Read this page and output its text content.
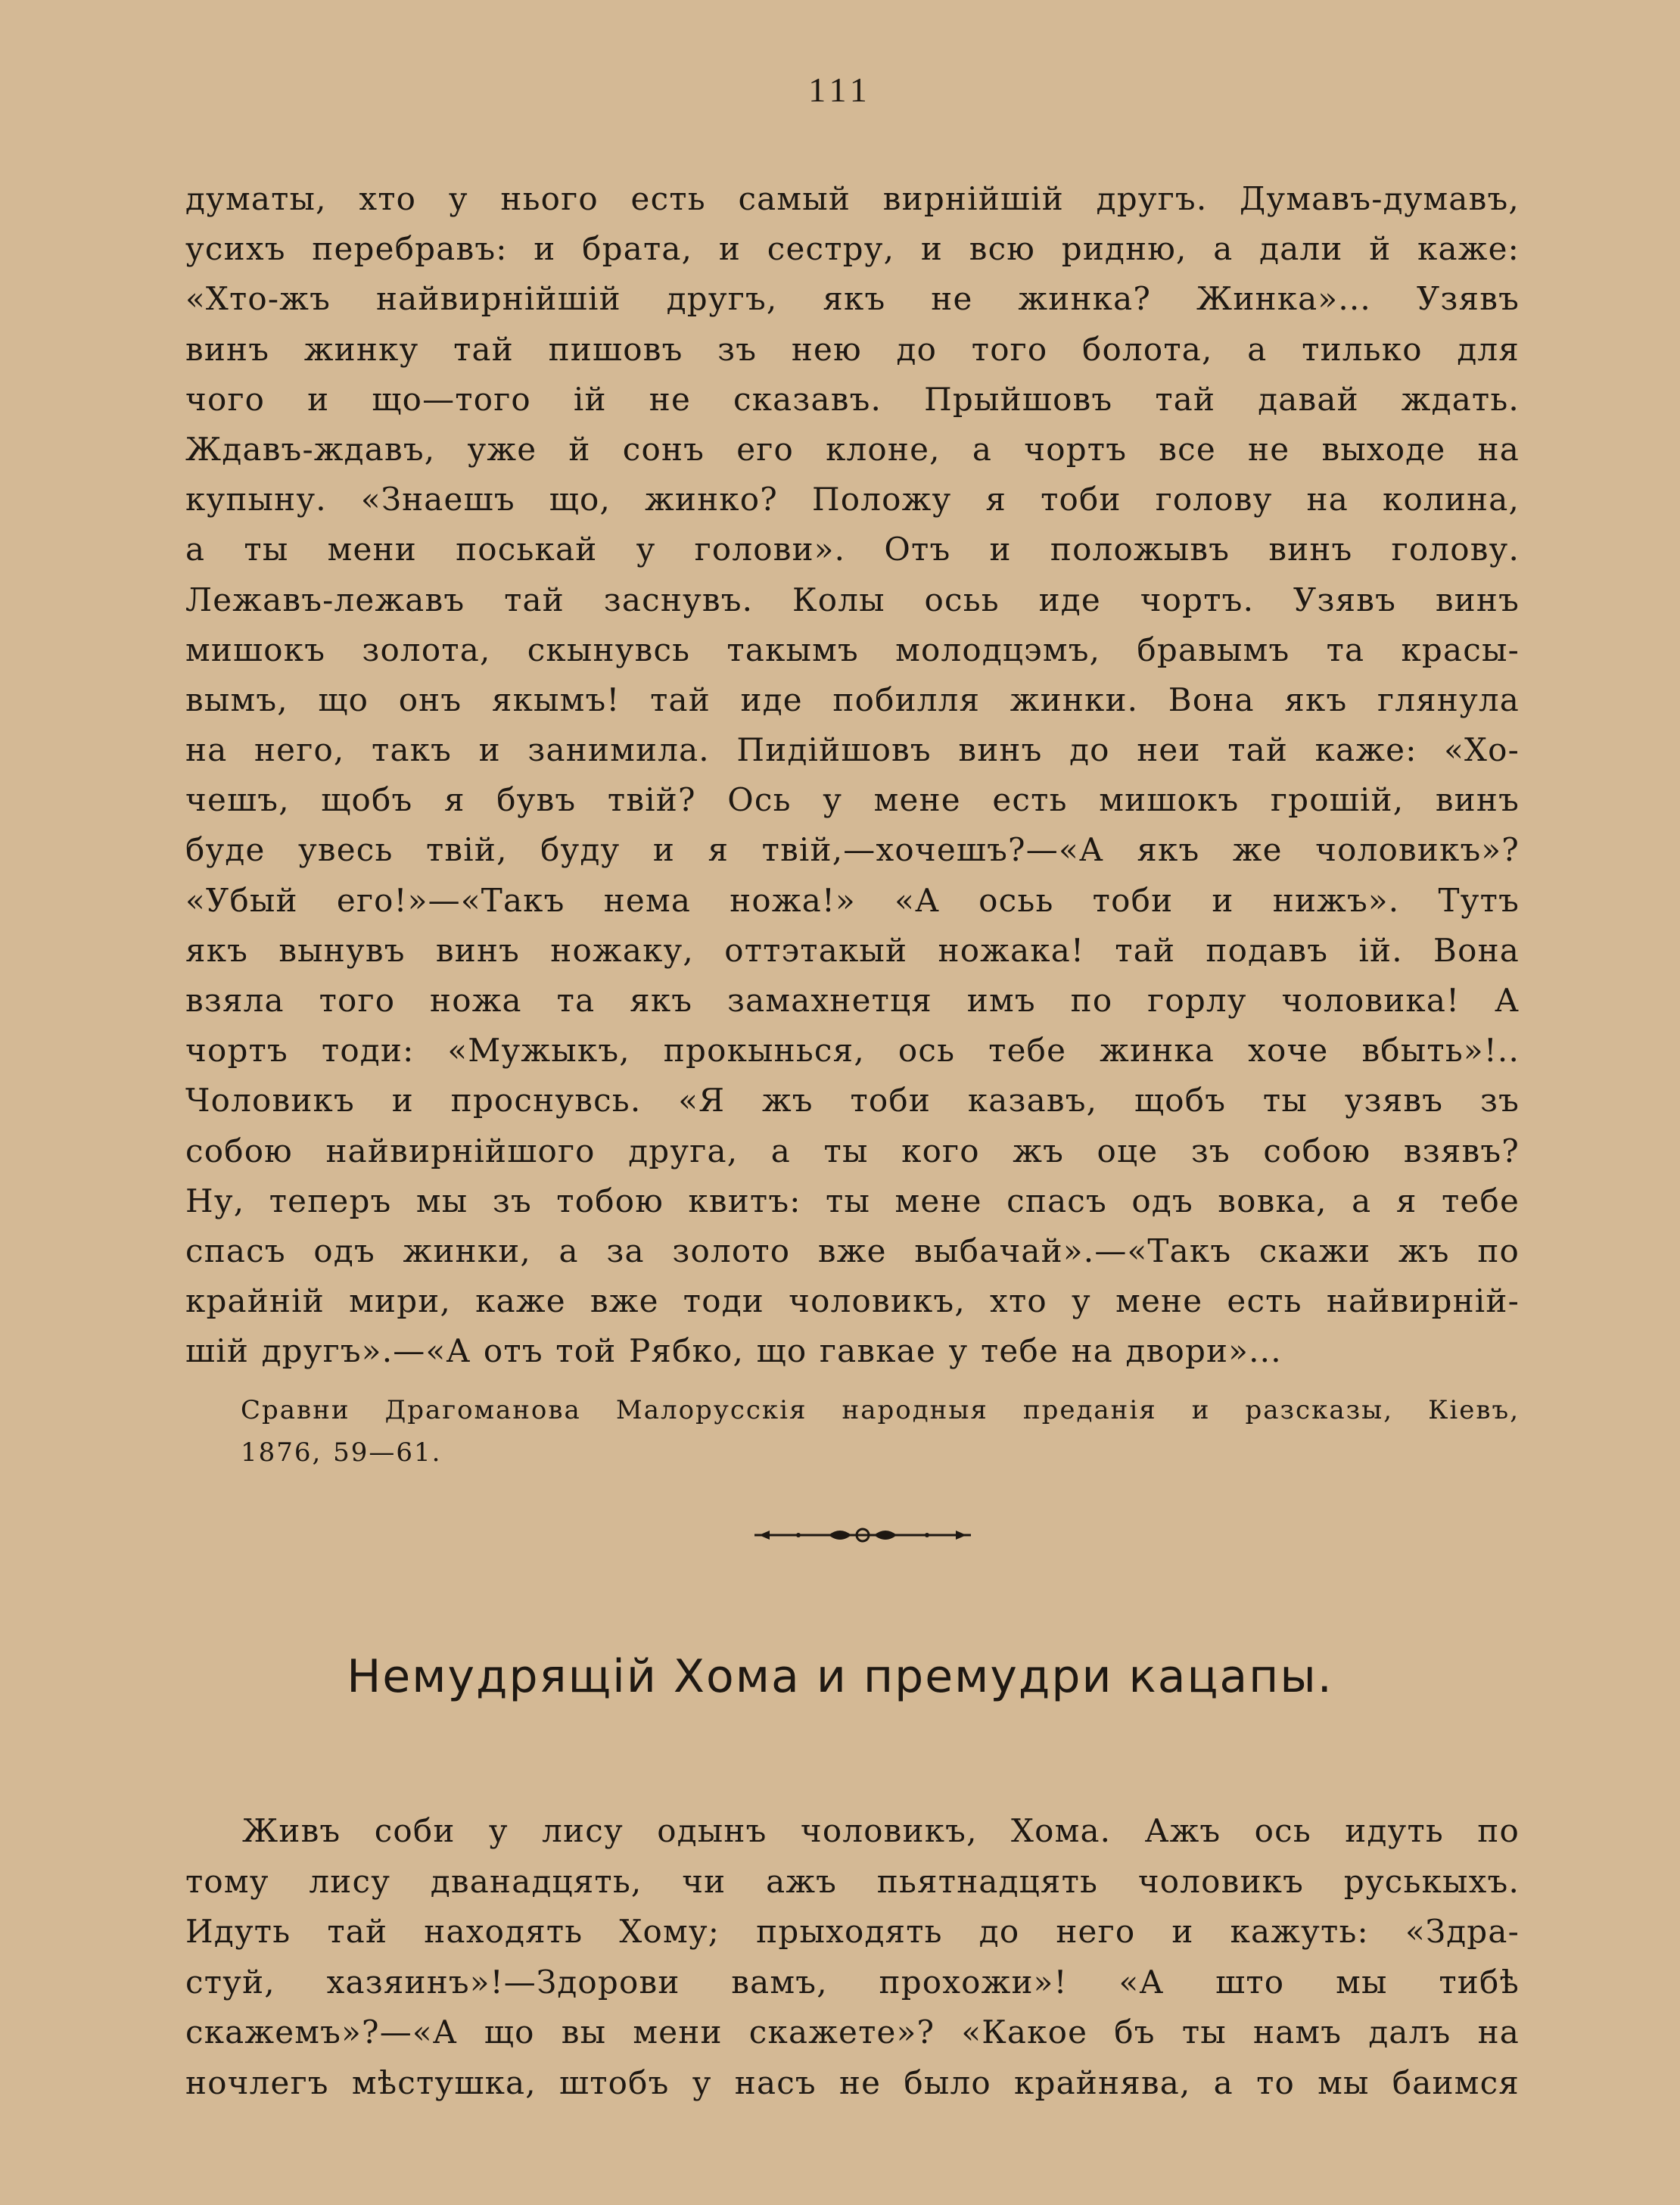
111
думаты, хто у нього есть самый вирнійшій другъ. Думавъ-думавъ,
усихъ перебравъ: и брата, и сестру, и всю ридню, а дали й каже:
«Хто-жъ найвирнійшій другъ, якъ не жинка? Жинка»... Узявъ
винъ жинку тай пишовъ зъ нею до того болота, а тилько для
чого и що—того ій не сказавъ. Прыйшовъ тай давай ждать.
Ждавъ-ждавъ, уже й сонъ его клоне, а чортъ все не выходе на
купыну. «Знаешъ що, жинко? Положу я тоби голову на колина,
а ты мени поськай у голови». Отъ и положывъ винъ голову.
Лежавъ-лежавъ тай заснувъ. Колы осьь иде чортъ. Узявъ винъ
мишокъ золота, скынувсь такымъ молодцэмъ, бравымъ та красы-
вымъ, що онъ якымъ! тай иде побилля жинки. Вона якъ глянула
на него, такъ и занимила. Пидійшовъ винъ до неи тай каже: «Хо-
чешъ, щобъ я бувъ твій? Ось у мене есть мишокъ грошій, винъ
буде увесь твій, буду и я твій,—хочешъ?—«А якъ же чоловикъ»?
«Убый его!»—«Такъ нема ножа!» «А осьь тоби и нижъ». Тутъ
якъ вынувъ винъ ножаку, оттэтакый ножака! тай подавъ ій. Вона
взяла того ножа та якъ замахнетця имъ по горлу чоловика! А
чортъ тоди: «Мужыкъ, прокынься, ось тебе жинка хоче вбыть»!..
Чоловикъ и проснувсь. «Я жъ тоби казавъ, щобъ ты узявъ зъ
собою найвирнійшого друга, а ты кого жъ оце зъ собою взявъ?
Ну, теперъ мы зъ тобою квитъ: ты мене спасъ одъ вовка, а я тебе
спасъ одъ жинки, а за золото вже выбачай».—«Такъ скажи жъ по
крайній мири, каже вже тоди чоловикъ, хто у мене есть найвирній-
шій другъ».—«А отъ той Рябко, що гавкае у тебе на двори»...
Сравни Драгоманова Малорусскія народныя преданія и разсказы, Кіевъ,
1876, 59—61.
Немудрящій Хома и премудри кацапы.
Живъ соби у лису одынъ чоловикъ, Хома. Ажъ ось идуть по
тому лису дванадцять, чи ажъ пьятнадцять чоловикъ руськыхъ.
Идуть тай находять Хому; прыходять до него и кажуть: «Здра-
стуй, хазяинъ»!—Здорови вамъ, прохожи»! «А што мы тибѣ
скажемъ»?—«А що вы мени скажете»? «Какое бъ ты намъ далъ на
ночлегъ мѣстушка, штобъ у насъ не было крайнява, а то мы баимся
